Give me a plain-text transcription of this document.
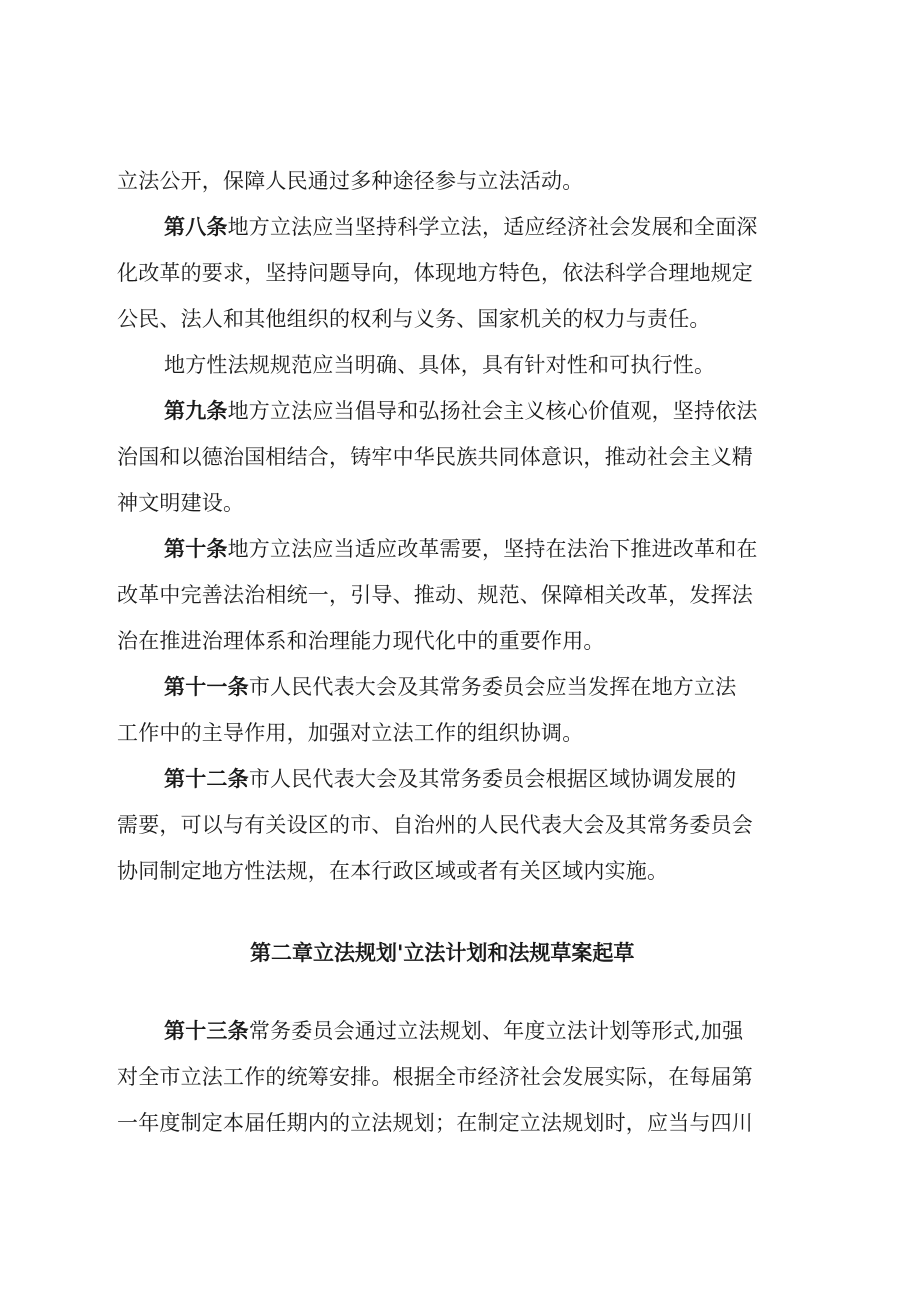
立法公开，保障人民通过多种途径参与立法活动。
第八条地方立法应当坚持科学立法，适应经济社会发展和全面深
化改革的要求，坚持问题导向，体现地方特色，依法科学合理地规定
公民、法人和其他组织的权利与义务、国家机关的权力与责任。
地方性法规规范应当明确、具体，具有针对性和可执行性。
第九条地方立法应当倡导和弘扬社会主义核心价值观，坚持依法
治国和以德治国相结合，铸牢中华民族共同体意识，推动社会主义精
神文明建设。
第十条地方立法应当适应改革需要，坚持在法治下推进改革和在
改革中完善法治相统一，引导、推动、规范、保障相关改革，发挥法
治在推进治理体系和治理能力现代化中的重要作用。
第十一条市人民代表大会及其常务委员会应当发挥在地方立法
工作中的主导作用，加强对立法工作的组织协调。
第十二条市人民代表大会及其常务委员会根据区域协调发展的
需要，可以与有关设区的市、自治州的人民代表大会及其常务委员会
协同制定地方性法规，在本行政区域或者有关区域内实施。
第二章立法规划'立法计划和法规草案起草
第十三条常务委员会通过立法规划、年度立法计划等形式,加强
对全市立法工作的统筹安排。根据全市经济社会发展实际，在每届第
一年度制定本届任期内的立法规划；在制定立法规划时，应当与四川
